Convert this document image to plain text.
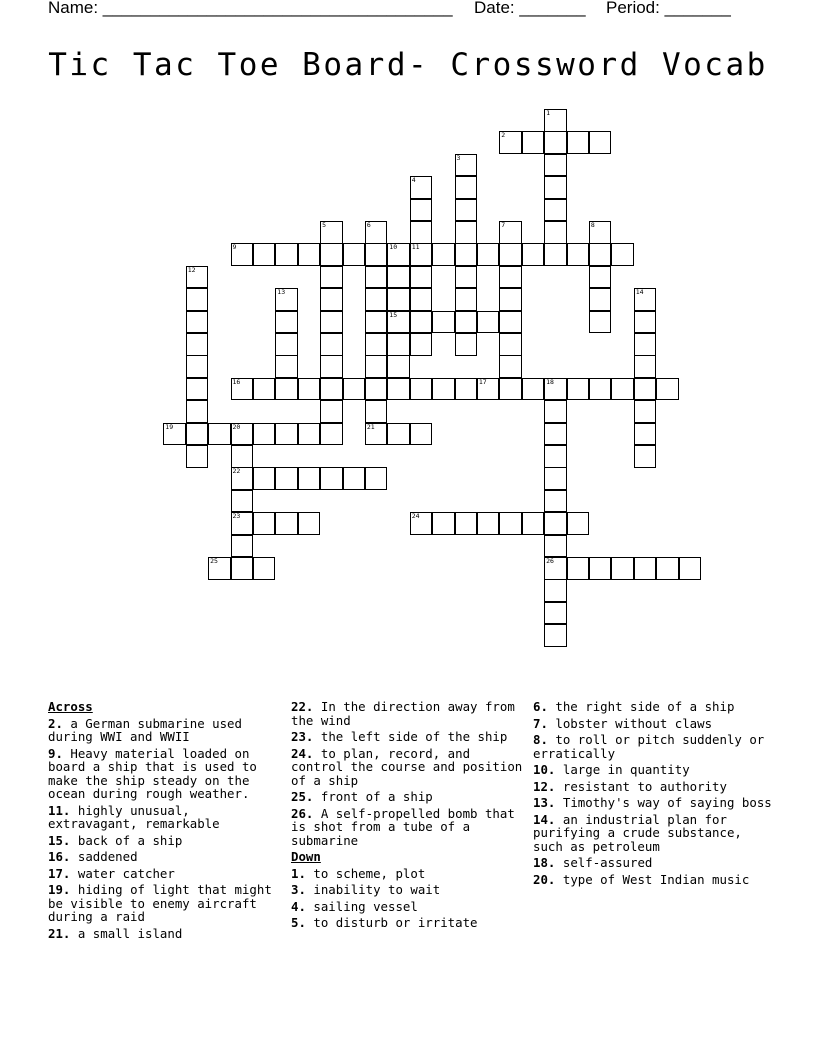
Name: _____________________________________ Date: _______ Period: _______
Tic Tac Toe Board- Crossword Vocab
1
2
3
4
11
5	6	7	8
9	10
15
12
13	14
16	17	18
26
19	20
22
23
21
24
25
Across
2. a German submarine used during WWI and WWII
9. Heavy material loaded on board a ship that is used to make the ship steady on the ocean during rough weather.
11. highly unusual, extravagant, remarkable
15. back of a ship
16. saddened
17. water catcher
19. hiding of light that might be visible to enemy aircraft during a raid
21. a small island
22. In the direction away from the wind
23. the left side of the ship
24. to plan, record, and control the course and position of a ship
25. front of a ship
26. A self-propelled bomb that is shot from a tube of a submarine
Down
1. to scheme, plot
3. inability to wait
4. sailing vessel
5. to disturb or irritate
6. the right side of a ship
7. lobster without claws
8. to roll or pitch suddenly or erratically
10. large in quantity
12. resistant to authority
13. Timothy's way of saying boss
14. an industrial plan for purifying a crude substance, such as petroleum
18. self-assured
20. type of West Indian music
